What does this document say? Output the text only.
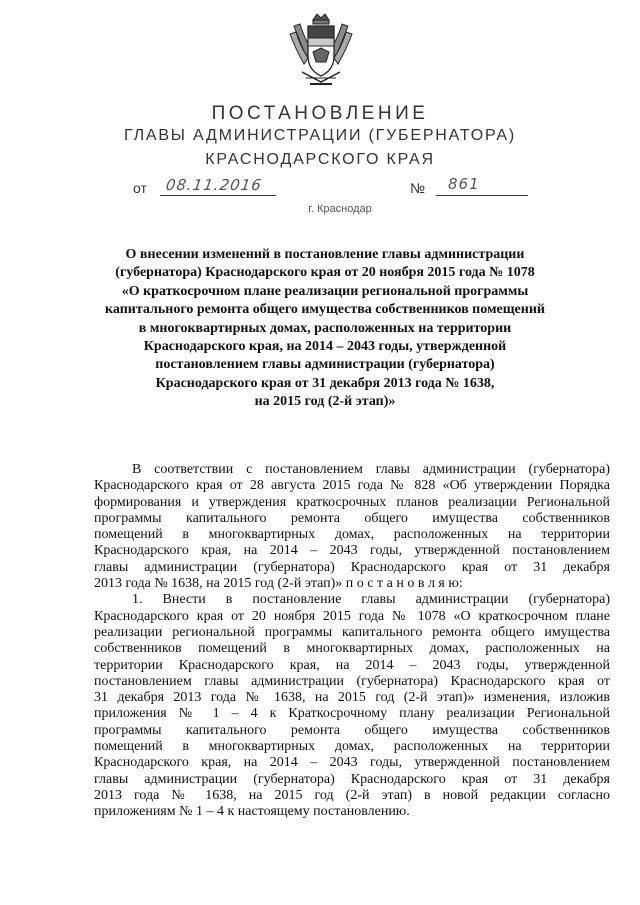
ПОСТАНОВЛЕНИЕ
ГЛАВЫ АДМИНИСТРАЦИИ (ГУБЕРНАТОРА)
КРАСНОДАРСКОГО КРАЯ
от 08.11.2016	№ 861
г. Краснодар
О внесении изменений в постановление главы администрации
(губернатора) Краснодарского края от 20 ноября 2015 года № 1078
«О краткосрочном плане реализации региональной программы
капитального ремонта общего имущества собственников помещений
в многоквартирных домах, расположенных на территории
Краснодарского края, на 2014 – 2043 годы, утвержденной
постановлением главы администрации (губернатора)
Краснодарского края от 31 декабря 2013 года № 1638,
на 2015 год (2-й этап)»
В соответствии с постановлением главы администрации (губернатора)
Краснодарского края от 28 августа 2015 года № 828 «Об утверждении Порядка
формирования и утверждения краткосрочных планов реализации Региональной
программы капитального ремонта общего имущества собственников
помещений в многоквартирных домах, расположенных на территории
Краснодарского края, на 2014 – 2043 годы, утвержденной постановлением
главы администрации (губернатора) Краснодарского края от 31 декабря
2013 года № 1638, на 2015 год (2-й этап)» п о с т а н о в л я ю:
1. Внести в постановление главы администрации (губернатора)
Краснодарского края от 20 ноября 2015 года № 1078 «О краткосрочном плане
реализации региональной программы капитального ремонта общего имущества
собственников помещений в многоквартирных домах, расположенных на
территории Краснодарского края, на 2014 – 2043 годы, утвержденной
постановлением главы администрации (губернатора) Краснодарского края от
31 декабря 2013 года № 1638, на 2015 год (2-й этап)» изменения, изложив
приложения № 1 – 4 к Краткосрочному плану реализации Региональной
программы капитального ремонта общего имущества собственников
помещений в многоквартирных домах, расположенных на территории
Краснодарского края, на 2014 – 2043 годы, утвержденной постановлением
главы администрации (губернатора) Краснодарского края от 31 декабря
2013 года № 1638, на 2015 год (2-й этап) в новой редакции согласно
приложениям № 1 – 4 к настоящему постановлению.
